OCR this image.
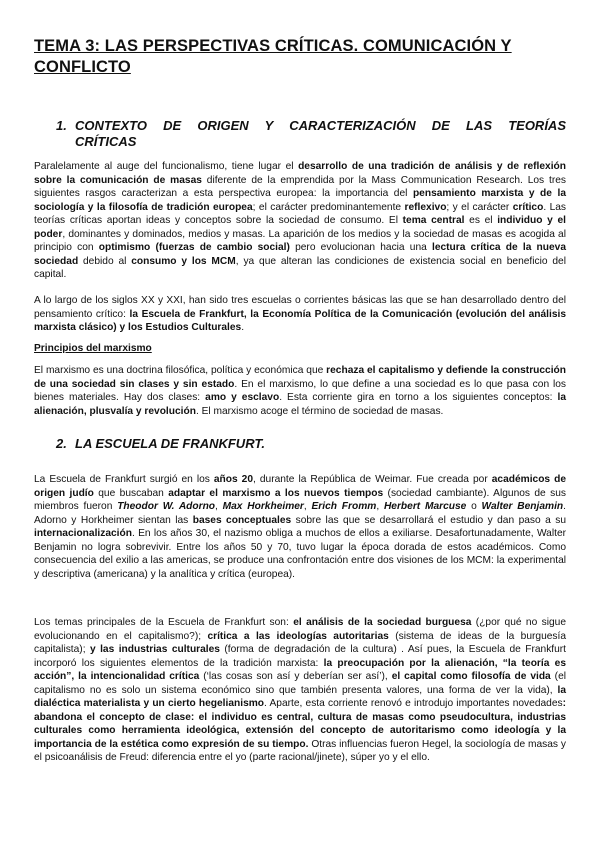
TEMA 3: LAS PERSPECTIVAS CRÍTICAS. COMUNICACIÓN Y CONFLICTO
1. CONTEXTO DE ORIGEN Y CARACTERIZACIÓN DE LAS TEORÍAS
CRÍTICAS

Paralelamente al auge del funcionalismo, tiene lugar el desarrollo de una tradición de análisis y de reflexión sobre la comunicación de masas diferente de la emprendida por la Mass Communication Research. Los tres siguientes rasgos caracterizan a esta perspectiva europea: la importancia del pensamiento marxista y de la sociología y la filosofía de tradición europea; el carácter predominantemente reflexivo; y el carácter crítico. Las teorías críticas aportan ideas y conceptos sobre la sociedad de consumo. El tema central es el individuo y el poder, dominantes y dominados, medios y masas. La aparición de los medios y la sociedad de masas es acogida al principio con optimismo (fuerzas de cambio social) pero evolucionan hacia una lectura crítica de la nueva sociedad debido al consumo y los MCM, ya que alteran las condiciones de existencia social en beneficio del capital.

A lo largo de los siglos XX y XXI, han sido tres escuelas o corrientes básicas las que se han desarrollado dentro del pensamiento crítico: la Escuela de Frankfurt, la Economía Política de la Comunicación (evolución del análisis marxista clásico) y los Estudios Culturales.

Principios del marxismo

El marxismo es una doctrina filosófica, política y económica que rechaza el capitalismo y defiende la construcción de una sociedad sin clases y sin estado. En el marxismo, lo que define a una sociedad es lo que pasa con los bienes materiales. Hay dos clases: amo y esclavo. Esta corriente gira en torno a los siguientes conceptos: la alienación, plusvalía y revolución. El marxismo acoge el término de sociedad de masas.

2. LA ESCUELA DE FRANKFURT.

La Escuela de Frankfurt surgió en los años 20, durante la República de Weimar. Fue creada por académicos de origen judío que buscaban adaptar el marxismo a los nuevos tiempos (sociedad cambiante). Algunos de sus miembros fueron Theodor W. Adorno, Max Horkheimer, Erich Fromm, Herbert Marcuse o Walter Benjamin. Adorno y Horkheimer sientan las bases conceptuales sobre las que se desarrollará el estudio y dan paso a su internacionalización. En los años 30, el nazismo obliga a muchos de ellos a exiliarse. Desafortunadamente, Walter Benjamin no logra sobrevivir. Entre los años 50 y 70, tuvo lugar la época dorada de estos académicos. Como consecuencia del exilio a las americas, se produce una confrontación entre dos visiones de los MCM: la experimental y descriptiva (americana) y la analítica y crítica (europea).

Los temas principales de la Escuela de Frankfurt son: el análisis de la sociedad burguesa (¿por qué no sigue evolucionando en el capitalismo?); crítica a las ideologías autoritarias (sistema de ideas de la burguesía capitalista); y las industrias culturales (forma de degradación de la cultura) . Así pues, la Escuela de Frankfurt incorporó los siguientes elementos de la tradición marxista: la preocupación por la alienación, “la teoría es acción”, la intencionalidad crítica (‘las cosas son así y deberían ser así’), el capital como filosofía de vida (el capitalismo no es solo un sistema económico sino que también presenta valores, una forma de ver la vida), la dialéctica materialista y un cierto hegelianismo. Aparte, esta corriente renovó e introdujo importantes novedades: abandona el concepto de clase: el individuo es central, cultura de masas como pseudocultura, industrias culturales como herramienta ideológica, extensión del concepto de autoritarismo como ideología y la importancia de la estética como expresión de su tiempo. Otras influencias fueron Hegel, la sociología de masas y el psicoanálisis de Freud: diferencia entre el yo (parte racional/jinete), súper yo y el ello.
